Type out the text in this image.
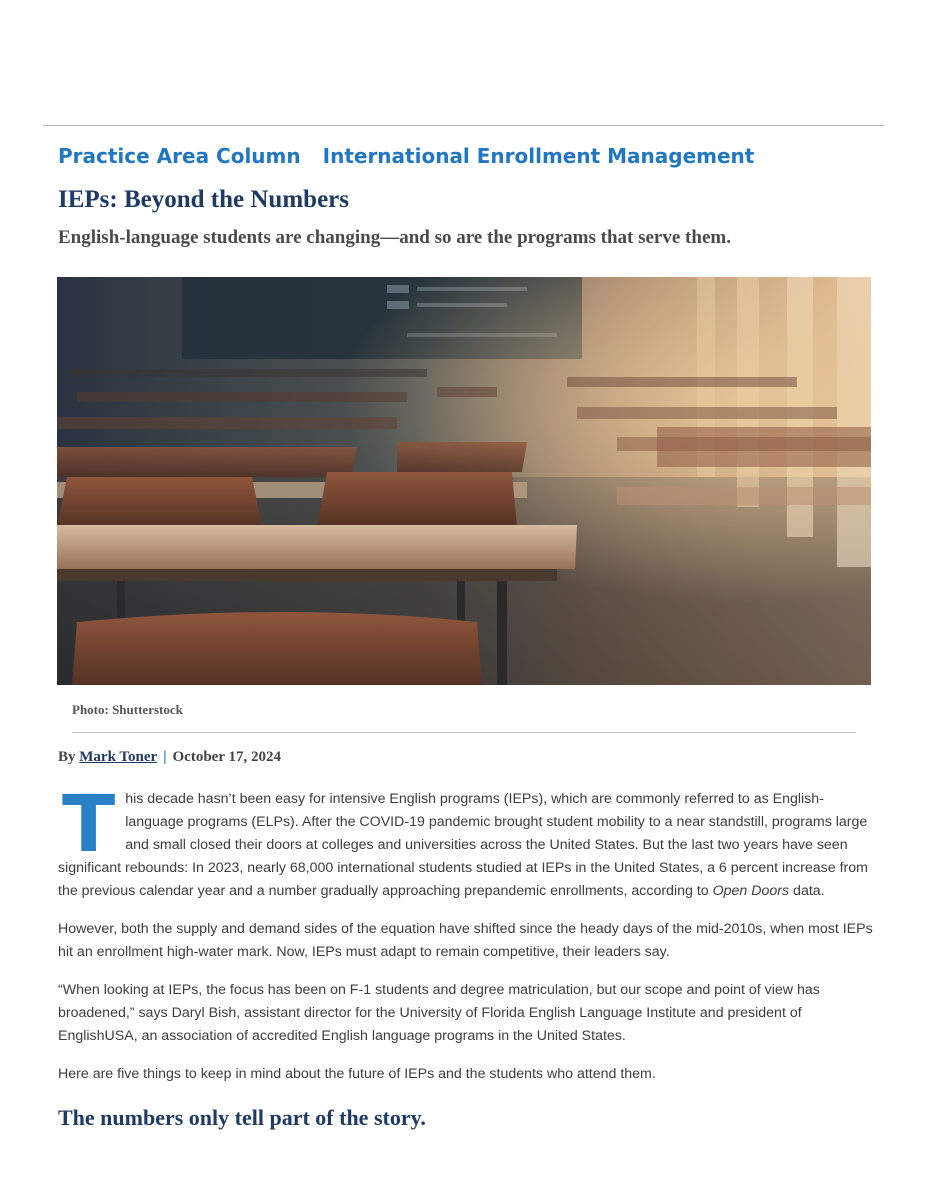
Practice Area Column International Enrollment Management
IEPs: Beyond the Numbers
English-language students are changing—and so are the programs that serve them.
Photo: Shutterstock
By Mark Toner | October 17, 2024

This decade hasn’t been easy for intensive English programs (IEPs), which are commonly referred to as English-language programs (ELPs). After the COVID-19 pandemic brought student mobility to a near standstill, programs large and small closed their doors at colleges and universities across the United States. But the last two years have seen significant rebounds: In 2023, nearly 68,000 international students studied at IEPs in the United States, a 6 percent increase from the previous calendar year and a number gradually approaching prepandemic enrollments, according to Open Doors data.

However, both the supply and demand sides of the equation have shifted since the heady days of the mid-2010s, when most IEPs hit an enrollment high-water mark. Now, IEPs must adapt to remain competitive, their leaders say.

“When looking at IEPs, the focus has been on F-1 students and degree matriculation, but our scope and point of view has broadened,” says Daryl Bish, assistant director for the University of Florida English Language Institute and president of EnglishUSA, an association of accredited English language programs in the United States.

Here are five things to keep in mind about the future of IEPs and the students who attend them.

The numbers only tell part of the story.
